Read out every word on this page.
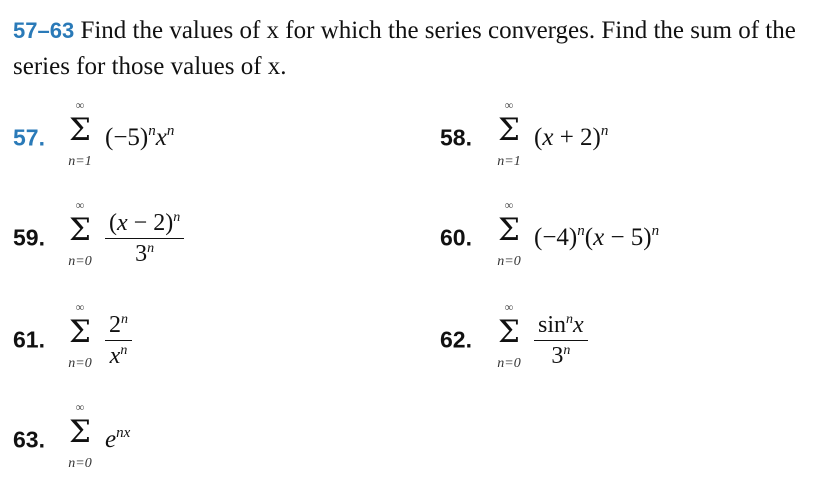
57–63 Find the values of x for which the series converges. Find the sum of the series for those values of x.
57.
∞
Σ
n=1
$(-5)^nx^n$	58.
∞
Σ
n=1
$(x + 2)^n$
59.
∞
Σ
n=0
$(x - 2)^n$
3$^n$	60.
∞
Σ
n=0
$(-4)^n(x - 5)^n$
61.
∞
Σ
n=0
2$^n$
$x^n$	62.
∞
Σ
n=0
$\sin^nx$
3$^n$
63.
∞
Σ
n=0
$e^{nx}$
